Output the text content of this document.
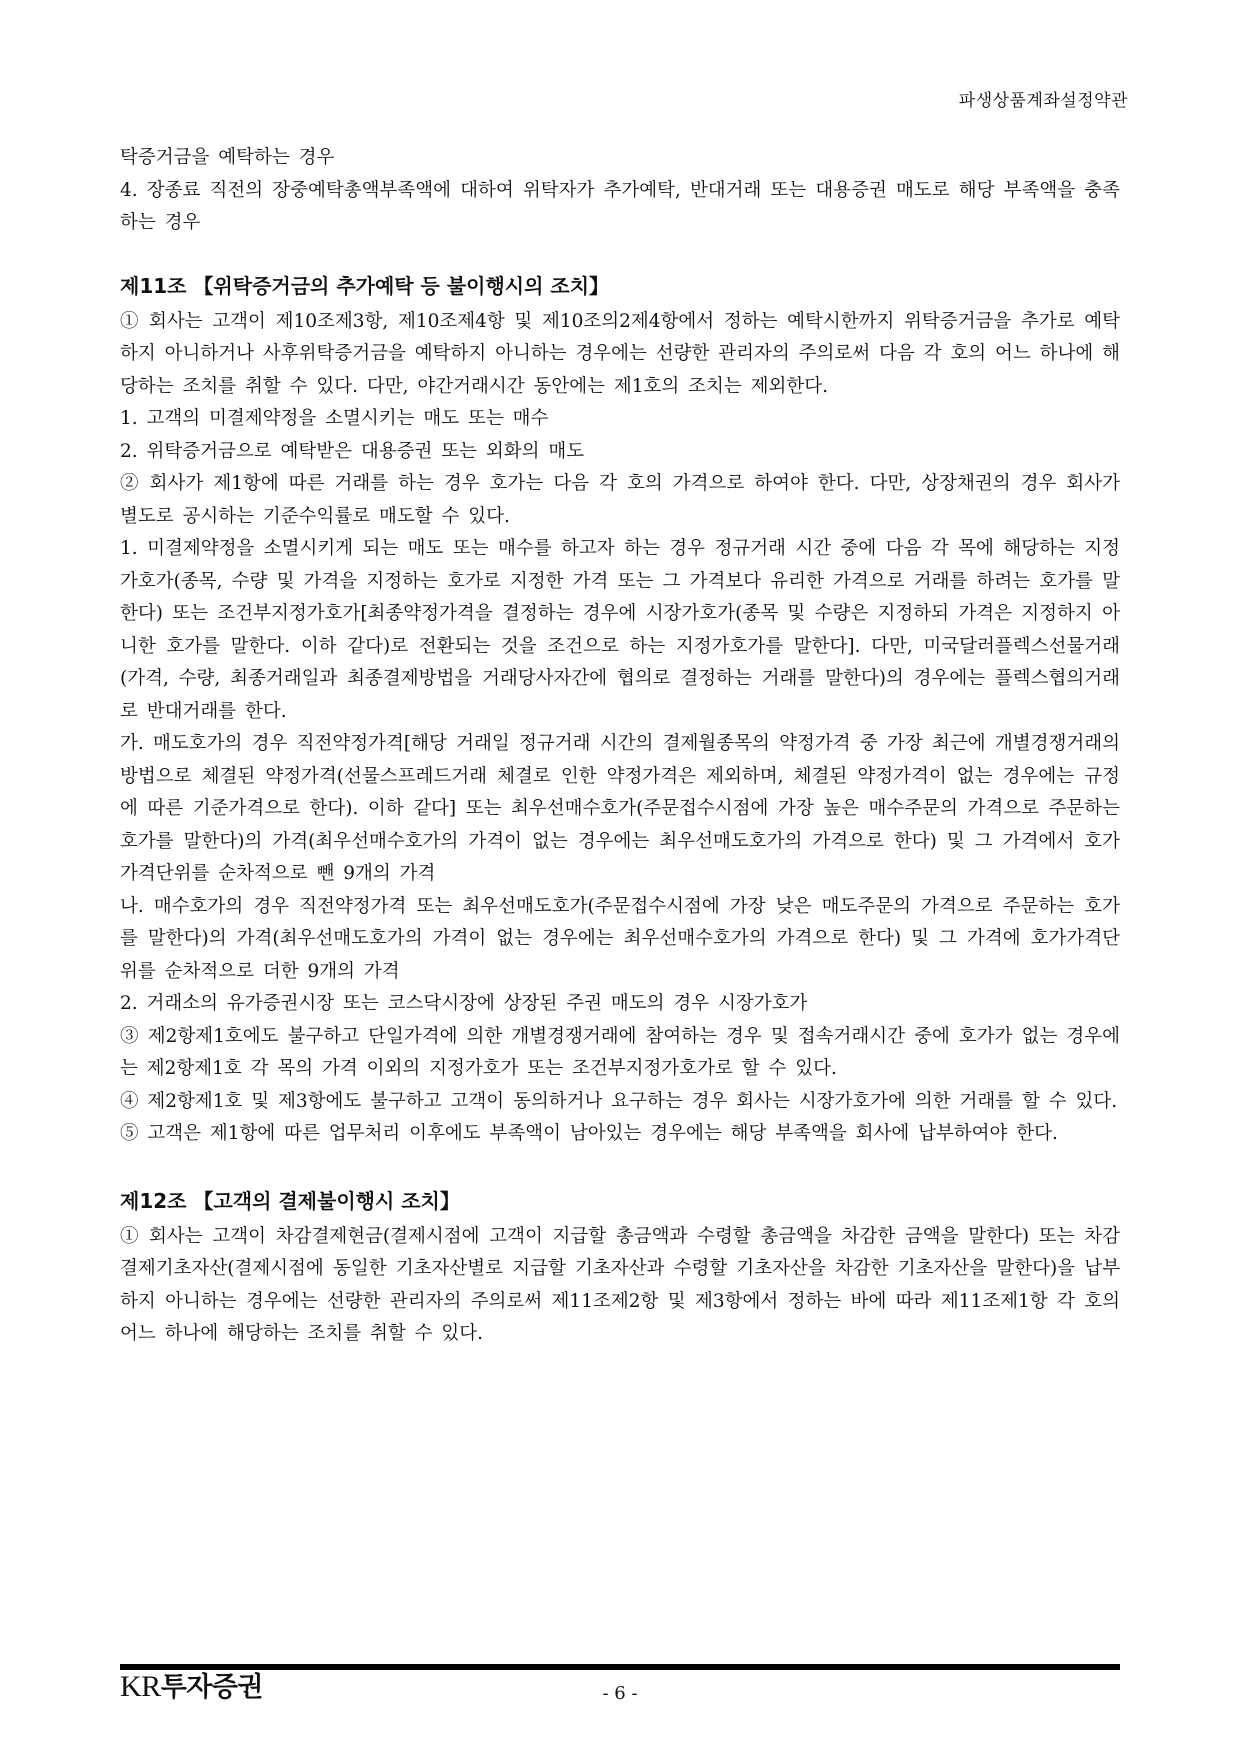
파생상품계좌설정약관

탁증거금을 예탁하는 경우

4. 장종료 직전의 장중예탁총액부족액에 대하여 위탁자가 추가예탁, 반대거래 또는 대용증권 매도로 해당 부족액을 충족하는 경우

제11조 【위탁증거금의 추가예탁 등 불이행시의 조치】

① 회사는 고객이 제10조제3항, 제10조제4항 및 제10조의2제4항에서 정하는 예탁시한까지 위탁증거금을 추가로 예탁하지 아니하거나 사후위탁증거금을 예탁하지 아니하는 경우에는 선량한 관리자의 주의로써 다음 각 호의 어느 하나에 해당하는 조치를 취할 수 있다. 다만, 야간거래시간 동안에는 제1호의 조치는 제외한다.

1. 고객의 미결제약정을 소멸시키는 매도 또는 매수

2. 위탁증거금으로 예탁받은 대용증권 또는 외화의 매도

② 회사가 제1항에 따른 거래를 하는 경우 호가는 다음 각 호의 가격으로 하여야 한다. 다만, 상장채권의 경우 회사가 별도로 공시하는 기준수익률로 매도할 수 있다.

1. 미결제약정을 소멸시키게 되는 매도 또는 매수를 하고자 하는 경우 정규거래 시간 중에 다음 각 목에 해당하는 지정가호가(종목, 수량 및 가격을 지정하는 호가로 지정한 가격 또는 그 가격보다 유리한 가격으로 거래를 하려는 호가를 말한다) 또는 조건부지정가호가[최종약정가격을 결정하는 경우에 시장가호가(종목 및 수량은 지정하되 가격은 지정하지 아니한 호가를 말한다. 이하 같다)로 전환되는 것을 조건으로 하는 지정가호가를 말한다]. 다만, 미국달러플렉스선물거래(가격, 수량, 최종거래일과 최종결제방법을 거래당사자간에 협의로 결정하는 거래를 말한다)의 경우에는 플렉스협의거래로 반대거래를 한다.

가. 매도호가의 경우 직전약정가격[해당 거래일 정규거래 시간의 결제월종목의 약정가격 중 가장 최근에 개별경쟁거래의 방법으로 체결된 약정가격(선물스프레드거래 체결로 인한 약정가격은 제외하며, 체결된 약정가격이 없는 경우에는 규정에 따른 기준가격으로 한다). 이하 같다] 또는 최우선매수호가(주문접수시점에 가장 높은 매수주문의 가격으로 주문하는 호가를 말한다)의 가격(최우선매수호가의 가격이 없는 경우에는 최우선매도호가의 가격으로 한다) 및 그 가격에서 호가가격단위를 순차적으로 뺀 9개의 가격

나. 매수호가의 경우 직전약정가격 또는 최우선매도호가(주문접수시점에 가장 낮은 매도주문의 가격으로 주문하는 호가를 말한다)의 가격(최우선매도호가의 가격이 없는 경우에는 최우선매수호가의 가격으로 한다) 및 그 가격에 호가가격단위를 순차적으로 더한 9개의 가격

2. 거래소의 유가증권시장 또는 코스닥시장에 상장된 주권 매도의 경우 시장가호가

③ 제2항제1호에도 불구하고 단일가격에 의한 개별경쟁거래에 참여하는 경우 및 접속거래시간 중에 호가가 없는 경우에는 제2항제1호 각 목의 가격 이외의 지정가호가 또는 조건부지정가호가로 할 수 있다.

④ 제2항제1호 및 제3항에도 불구하고 고객이 동의하거나 요구하는 경우 회사는 시장가호가에 의한 거래를 할 수 있다.

⑤ 고객은 제1항에 따른 업무처리 이후에도 부족액이 남아있는 경우에는 해당 부족액을 회사에 납부하여야 한다.

제12조 【고객의 결제불이행시 조치】

① 회사는 고객이 차감결제현금(결제시점에 고객이 지급할 총금액과 수령할 총금액을 차감한 금액을 말한다) 또는 차감결제기초자산(결제시점에 동일한 기초자산별로 지급할 기초자산과 수령할 기초자산을 차감한 기초자산을 말한다)을 납부하지 아니하는 경우에는 선량한 관리자의 주의로써 제11조제2항 및 제3항에서 정하는 바에 따라 제11조제1항 각 호의 어느 하나에 해당하는 조치를 취할 수 있다.

KR투자증권	- 6 -
